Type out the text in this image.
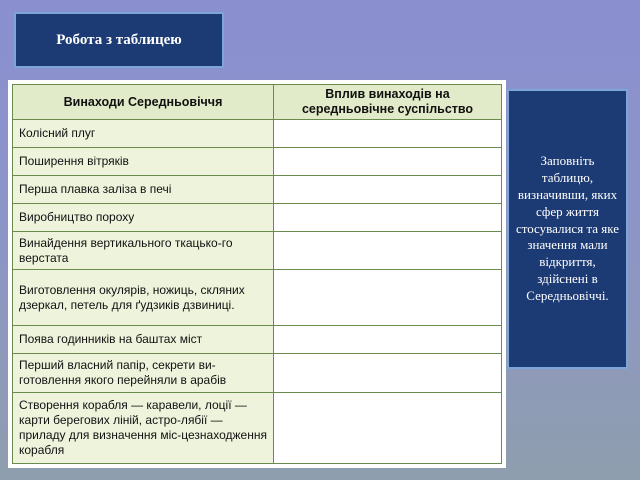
Робота з таблицею
Винаходи Середньовіччя	Вплив винаходів на середньовічне суспільство
Колісний плуг	
Поширення вітряків	
Перша плавка заліза в печі	
Виробництво пороху	
Винайдення вертикального ткацько-го верстата	
Виготовлення окулярів, ножиць, скляних дзеркал, петель для ґудзиків дзвиниці.	
Поява годинників на баштах міст	
Перший власний папір, секрети ви-готовлення якого перейняли в арабів	
Створення корабля — каравели, лоції — карти берегових ліній, астро-лябії — приладу для визначення міс-цезнаходження корабля	
Заповніть таблицю, визначивши, яких сфер життя стосувалися та яке значення мали відкриття, здійснені в Середньовіччі.
